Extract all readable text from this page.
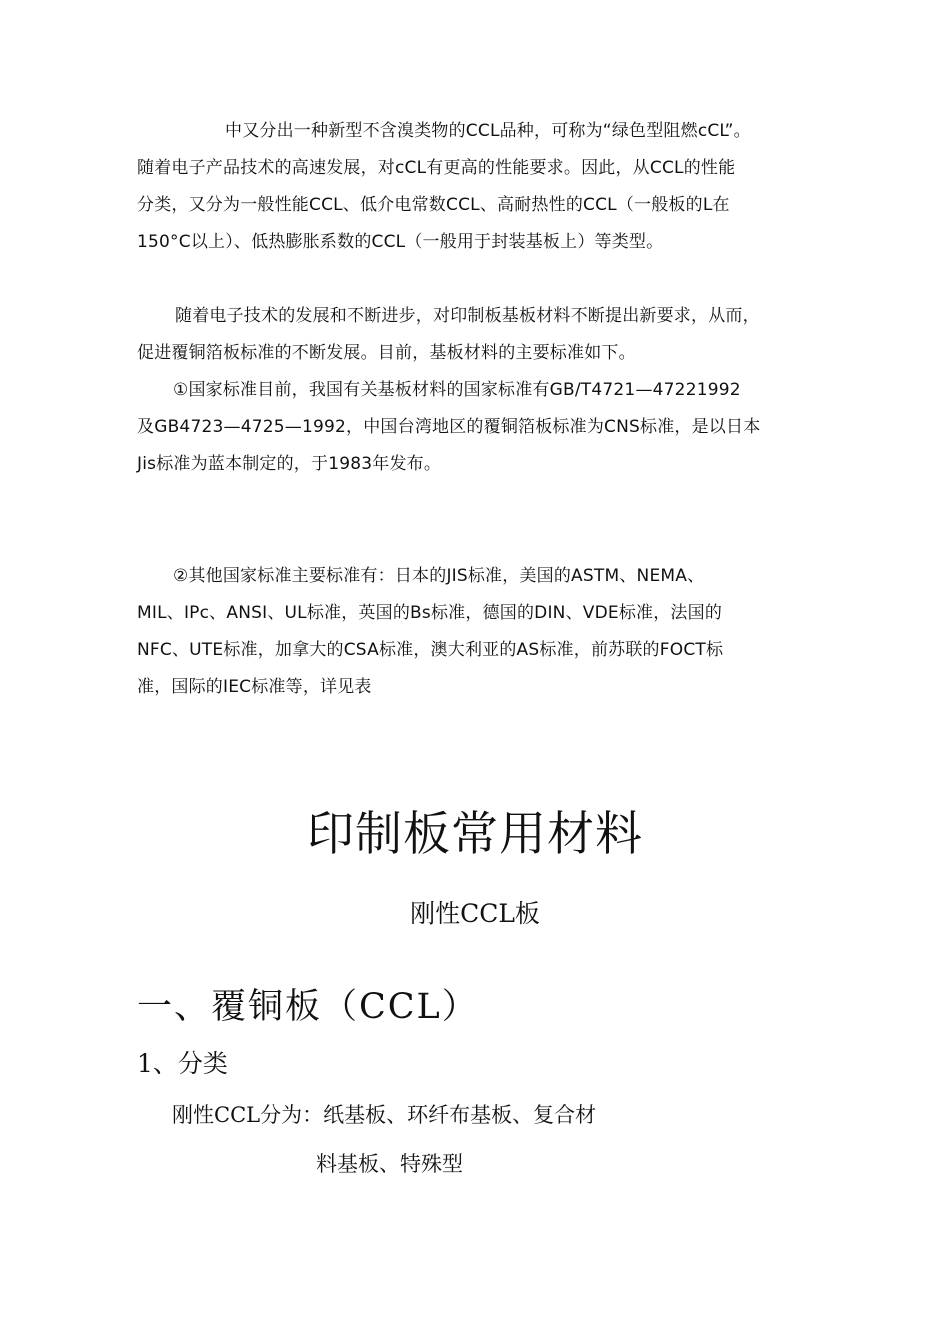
中又分出一种新型不含溴类物的CCL品种，可称为“绿色型阻燃cCL”。
随着电子产品技术的高速发展，对cCL有更高的性能要求。因此，从CCL的性能
分类，又分为一般性能CCL、低介电常数CCL、高耐热性的CCL（一般板的L在
150°C以上）、低热膨胀系数的CCL（一般用于封装基板上）等类型。
随着电子技术的发展和不断进步，对印制板基板材料不断提出新要求，从而，
促进覆铜箔板标准的不断发展。目前，基板材料的主要标准如下。
①国家标准目前，我国有关基板材料的国家标准有GB/T4721—47221992
及GB4723—4725—1992，中国台湾地区的覆铜箔板标准为CNS标准，是以日本
Jis标准为蓝本制定的，于1983年发布。
②其他国家标准主要标准有：日本的JIS标准，美国的ASTM、NEMA、
MIL、IPc、ANSI、UL标准，英国的Bs标准，德国的DIN、VDE标准，法国的
NFC、UTE标准，加拿大的CSA标准，澳大利亚的AS标准，前苏联的FOCT标
准，国际的IEC标准等，详见表
印制板常用材料
刚性CCL板
一、覆铜板（CCL）
1、分类

刚性CCL分为：纸基板、环纤布基板、复合材

料基板、特殊型
